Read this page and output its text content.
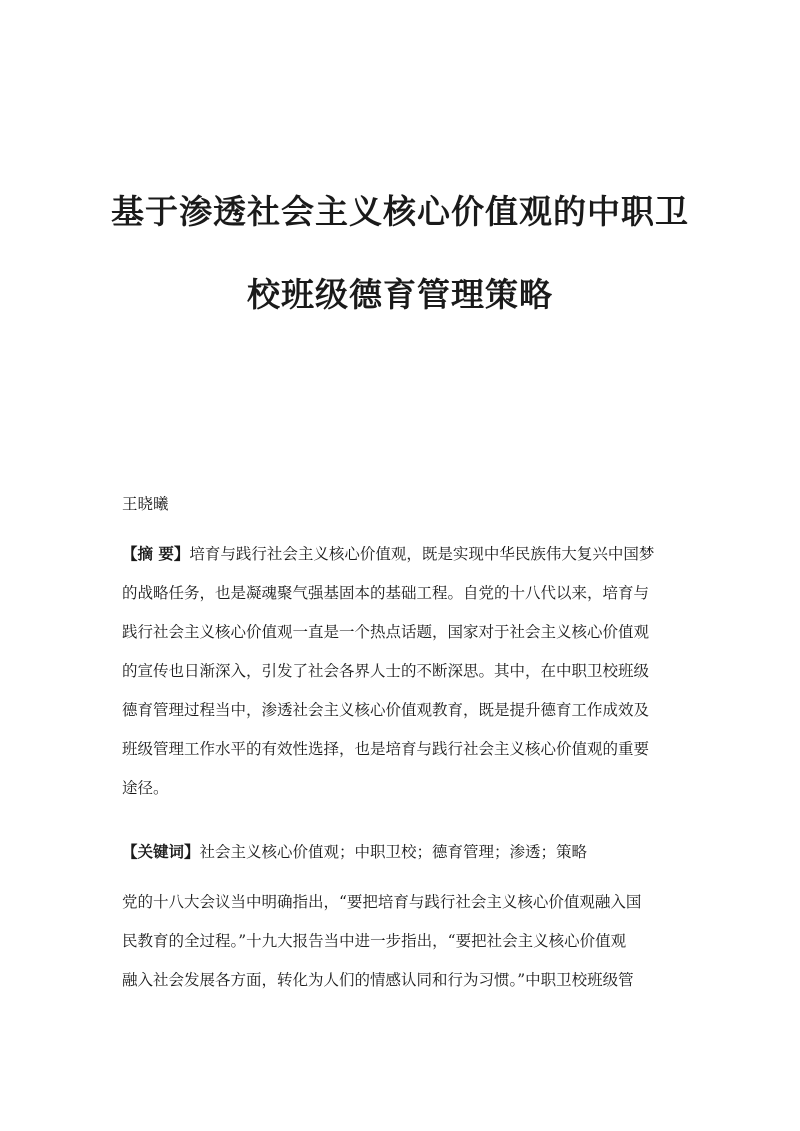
基于渗透社会主义核心价值观的中职卫
校班级德育管理策略
王晓曦
【摘 要】培育与践行社会主义核心价值观，既是实现中华民族伟大复兴中国梦
的战略任务，也是凝魂聚气强基固本的基础工程。自党的十八代以来，培育与
践行社会主义核心价值观一直是一个热点话题，国家对于社会主义核心价值观
的宣传也日渐深入，引发了社会各界人士的不断深思。其中，在中职卫校班级
德育管理过程当中，渗透社会主义核心价值观教育，既是提升德育工作成效及
班级管理工作水平的有效性选择，也是培育与践行社会主义核心价值观的重要
途径。
【关键词】社会主义核心价值观；中职卫校；德育管理；渗透；策略
党的十八大会议当中明确指出，“要把培育与践行社会主义核心价值观融入国
民教育的全过程。”十九大报告当中进一步指出，“要把社会主义核心价值观
融入社会发展各方面，转化为人们的情感认同和行为习惯。”中职卫校班级管
